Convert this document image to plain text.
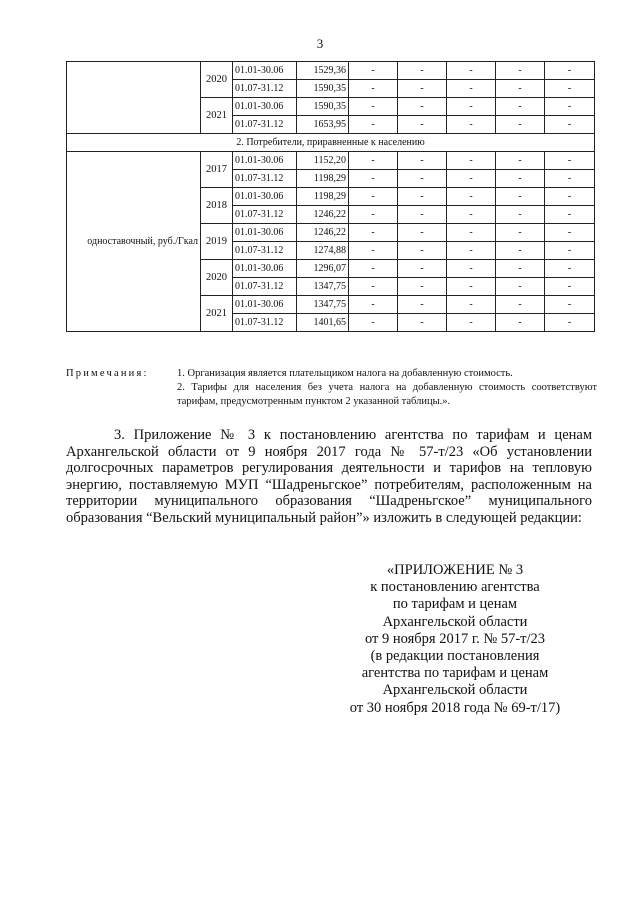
3
	2020	01.01-30.06	1529,36	-	-	-	-	-
		01.07-31.12	1590,35	-	-	-	-	-
	2021	01.01-30.06	1590,35	-	-	-	-	-
		01.07-31.12	1653,95	-	-	-	-	-
2. Потребители, приравненные к населению								
одноставочный, руб./Гкал	2017	01.01-30.06	1152,20	-	-	-	-	-
		01.07-31.12	1198,29	-	-	-	-	-
	2018	01.01-30.06	1198,29	-	-	-	-	-
		01.07-31.12	1246,22	-	-	-	-	-
	2019	01.01-30.06	1246,22	-	-	-	-	-
		01.07-31.12	1274,88	-	-	-	-	-
	2020	01.01-30.06	1296,07	-	-	-	-	-
		01.07-31.12	1347,75	-	-	-	-	-
	2021	01.01-30.06	1347,75	-	-	-	-	-
		01.07-31.12	1401,65	-	-	-	-	-
Примечания:	1. Организация является плательщиком налога на добавленную стоимость.
2. Тарифы для населения без учета налога на добавленную стоимость соответствуют тарифам, предусмотренным пунктом 2 указанной таблицы.».
3. Приложение № 3 к постановлению агентства по тарифам и ценам Архангельской области от 9 ноября 2017 года № 57-т/23 «Об установлении долгосрочных параметров регулирования деятельности и тарифов на тепловую энергию, поставляемую МУП “Шадреньгское” потребителям, расположенным на территории муниципального образования “Шадреньгское” муниципального образования “Вельский муниципальный район”» изложить в следующей редакции:
«ПРИЛОЖЕНИЕ № 3
к постановлению агентства
по тарифам и ценам
Архангельской области
от 9 ноября 2017 г. № 57-т/23
(в редакции постановления
агентства по тарифам и ценам
Архангельской области
от 30 ноября 2018 года № 69-т/17)
